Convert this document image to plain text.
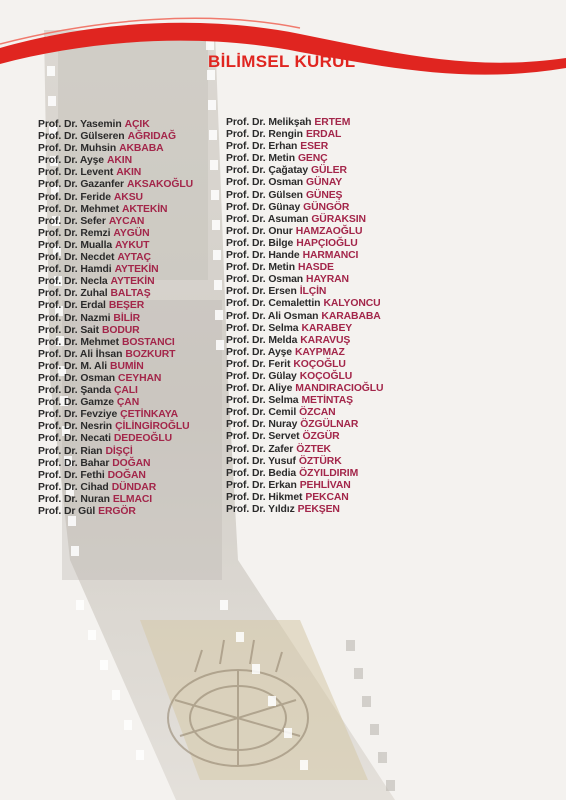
BİLİMSEL KURUL
Prof. Dr. Yasemin AÇIK
Prof. Dr. Gülseren AĞRIDAĞ
Prof. Dr. Muhsin AKBABA
Prof. Dr. Ayşe AKIN
Prof. Dr. Levent AKIN
Prof. Dr. Gazanfer AKSAKOĞLU
Prof. Dr. Feride AKSU
Prof. Dr. Mehmet AKTEKİN
Prof. Dr. Sefer AYCAN
Prof. Dr. Remzi AYGÜN
Prof. Dr. Mualla AYKUT
Prof. Dr. Necdet AYTAÇ
Prof. Dr. Hamdi AYTEKİN
Prof. Dr. Necla AYTEKİN
Prof. Dr. Zuhal BALTAŞ
Prof. Dr. Erdal BEŞER
Prof. Dr. Nazmi BİLİR
Prof. Dr. Sait BODUR
Prof. Dr. Mehmet BOSTANCI
Prof. Dr. Ali İhsan BOZKURT
Prof. Dr. M. Ali BUMİN
Prof. Dr. Osman CEYHAN
Prof. Dr. Şanda ÇALI
Prof. Dr. Gamze ÇAN
Prof. Dr. Fevziye ÇETİNKAYA
Prof. Dr. Nesrin ÇİLİNGİROĞLU
Prof. Dr. Necati DEDEOĞLU
Prof. Dr. Rian DİŞÇİ
Prof. Dr. Bahar DOĞAN
Prof. Dr. Fethi DOĞAN
Prof. Dr. Cihad DÜNDAR
Prof. Dr. Nuran ELMACI
Prof. Dr Gül ERGÖR
Prof. Dr. Melikşah ERTEM
Prof. Dr. Rengin ERDAL
Prof. Dr. Erhan ESER
Prof. Dr. Metin GENÇ
Prof. Dr. Çağatay GÜLER
Prof. Dr. Osman GÜNAY
Prof. Dr. Gülsen GÜNEŞ
Prof. Dr. Günay GÜNGÖR
Prof. Dr. Asuman GÜRAKSIN
Prof. Dr. Onur HAMZAOĞLU
Prof. Dr. Bilge HAPÇIOĞLU
Prof. Dr. Hande HARMANCI
Prof. Dr. Metin HASDE
Prof. Dr. Osman HAYRAN
Prof. Dr. Ersen İLÇİN
Prof. Dr. Cemalettin KALYONCU
Prof. Dr. Ali Osman KARABABA
Prof. Dr. Selma KARABEY
Prof. Dr. Melda KARAVUŞ
Prof. Dr. Ayşe KAYPMAZ
Prof. Dr. Ferit KOÇOĞLU
Prof. Dr. Gülay KOÇOĞLU
Prof. Dr. Aliye MANDIRACIOĞLU
Prof. Dr. Selma METİNTAŞ
Prof. Dr. Cemil ÖZCAN
Prof. Dr. Nuray ÖZGÜLNAR
Prof. Dr. Servet ÖZGÜR
Prof. Dr. Zafer ÖZTEK
Prof. Dr. Yusuf ÖZTÜRK
Prof. Dr. Bedia ÖZYILDIRIM
Prof. Dr. Erkan PEHLİVAN
Prof. Dr. Hikmet PEKCAN
Prof. Dr. Yıldız PEKŞEN
